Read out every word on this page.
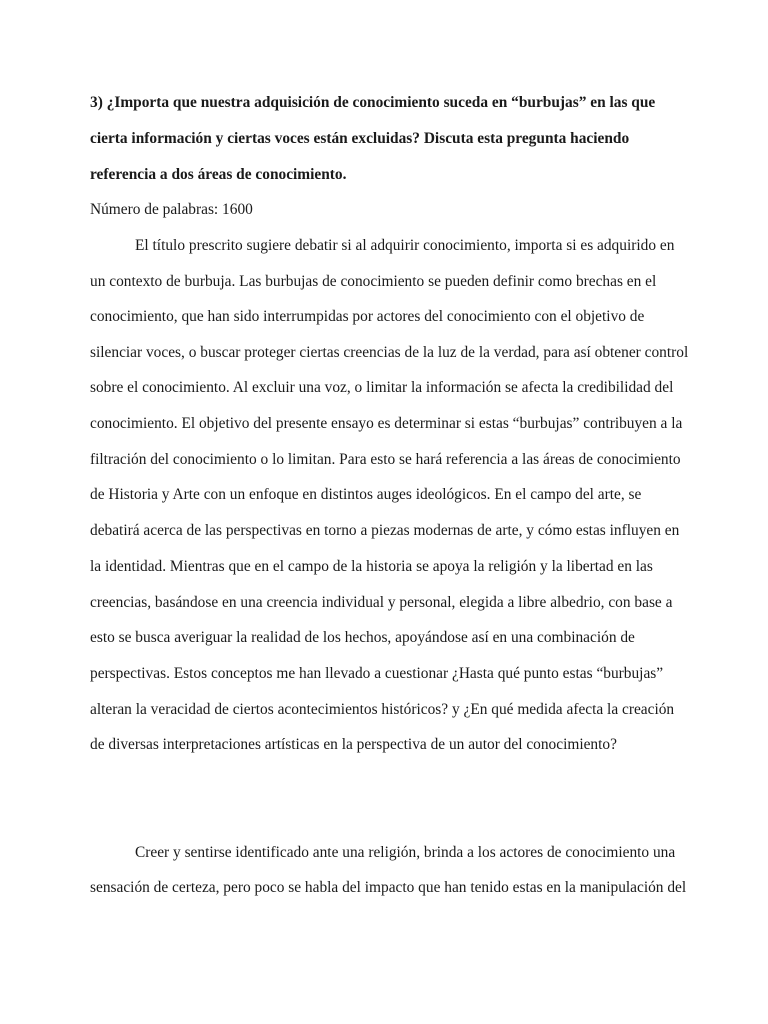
3) ¿Importa que nuestra adquisición de conocimiento suceda en “burbujas” en las que
cierta información y ciertas voces están excluidas? Discuta esta pregunta haciendo
referencia a dos áreas de conocimiento.
Número de palabras: 1600
El título prescrito sugiere debatir si al adquirir conocimiento, importa si es adquirido en
un contexto de burbuja. Las burbujas de conocimiento se pueden definir como brechas en el
conocimiento, que han sido interrumpidas por actores del conocimiento con el objetivo de
silenciar voces, o buscar proteger ciertas creencias de la luz de la verdad, para así obtener control
sobre el conocimiento. Al excluir una voz, o limitar la información se afecta la credibilidad del
conocimiento. El objetivo del presente ensayo es determinar si estas “burbujas” contribuyen a la
filtración del conocimiento o lo limitan. Para esto se hará referencia a las áreas de conocimiento
de Historia y Arte con un enfoque en distintos auges ideológicos. En el campo del arte, se
debatirá acerca de las perspectivas en torno a piezas modernas de arte, y cómo estas influyen en
la identidad. Mientras que en el campo de la historia se apoya la religión y la libertad en las
creencias, basándose en una creencia individual y personal, elegida a libre albedrio, con base a
esto se busca averiguar la realidad de los hechos, apoyándose así en una combinación de
perspectivas. Estos conceptos me han llevado a cuestionar ¿Hasta qué punto estas “burbujas”
alteran la veracidad de ciertos acontecimientos históricos? y ¿En qué medida afecta la creación
de diversas interpretaciones artísticas en la perspectiva de un autor del conocimiento?
Creer y sentirse identificado ante una religión, brinda a los actores de conocimiento una
sensación de certeza, pero poco se habla del impacto que han tenido estas en la manipulación del
